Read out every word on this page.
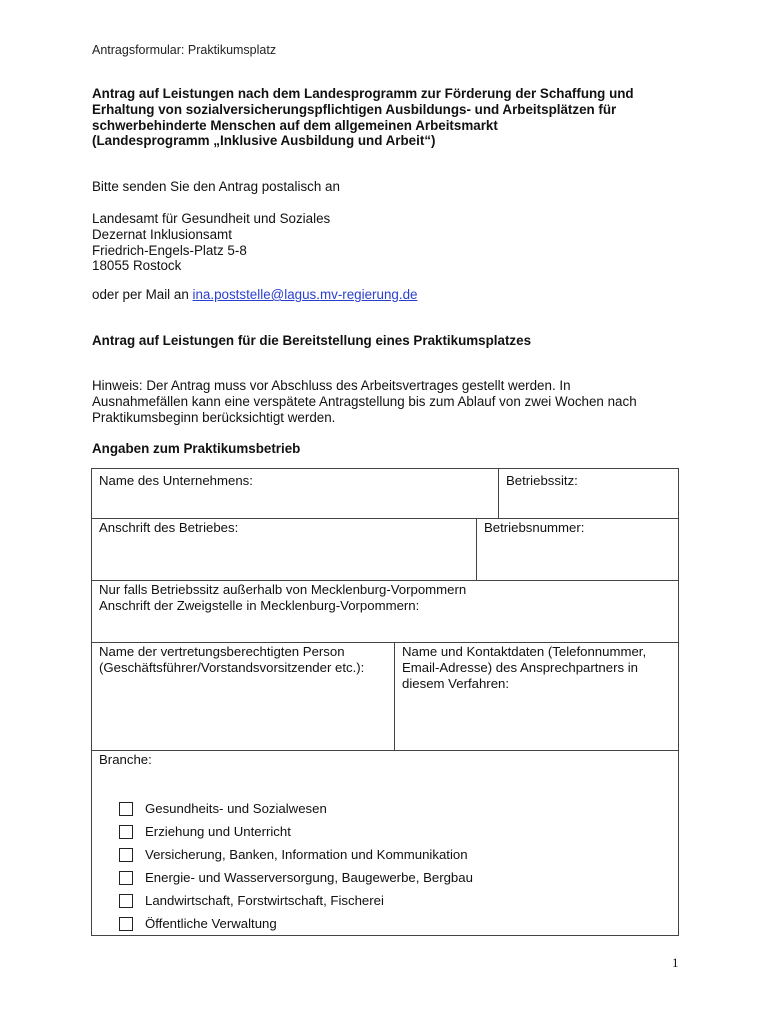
Antragsformular: Praktikumsplatz
Antrag auf Leistungen nach dem Landesprogramm zur Förderung der Schaffung und
Erhaltung von sozialversicherungspflichtigen Ausbildungs- und Arbeitsplätzen für
schwerbehinderte Menschen auf dem allgemeinen Arbeitsmarkt
(Landesprogramm „Inklusive Ausbildung und Arbeit“)
Bitte senden Sie den Antrag postalisch an
Landesamt für Gesundheit und Soziales
Dezernat Inklusionsamt
Friedrich-Engels-Platz 5-8
18055 Rostock
oder per Mail an ina.poststelle@lagus.mv-regierung.de
Antrag auf Leistungen für die Bereitstellung eines Praktikumsplatzes
Hinweis: Der Antrag muss vor Abschluss des Arbeitsvertrages gestellt werden. In
Ausnahmefällen kann eine verspätete Antragstellung bis zum Ablauf von zwei Wochen nach
Praktikumsbeginn berücksichtigt werden.
Angaben zum Praktikumsbetrieb
Name des Unternehmens:	Betriebssitz:
Anschrift des Betriebes:	Betriebsnummer:
Nur falls Betriebssitz außerhalb von Mecklenburg-Vorpommern
Anschrift der Zweigstelle in Mecklenburg-Vorpommern:
Name der vertretungsberechtigten Person
(Geschäftsführer/Vorstandsvorsitzender etc.):
Name und Kontaktdaten (Telefonnummer,
Email-Adresse) des Ansprechpartners in
diesem Verfahren:
Branche:
Gesundheits- und Sozialwesen
Erziehung und Unterricht
Versicherung, Banken, Information und Kommunikation
Energie- und Wasserversorgung, Baugewerbe, Bergbau
Landwirtschaft, Forstwirtschaft, Fischerei
Öffentliche Verwaltung
1
